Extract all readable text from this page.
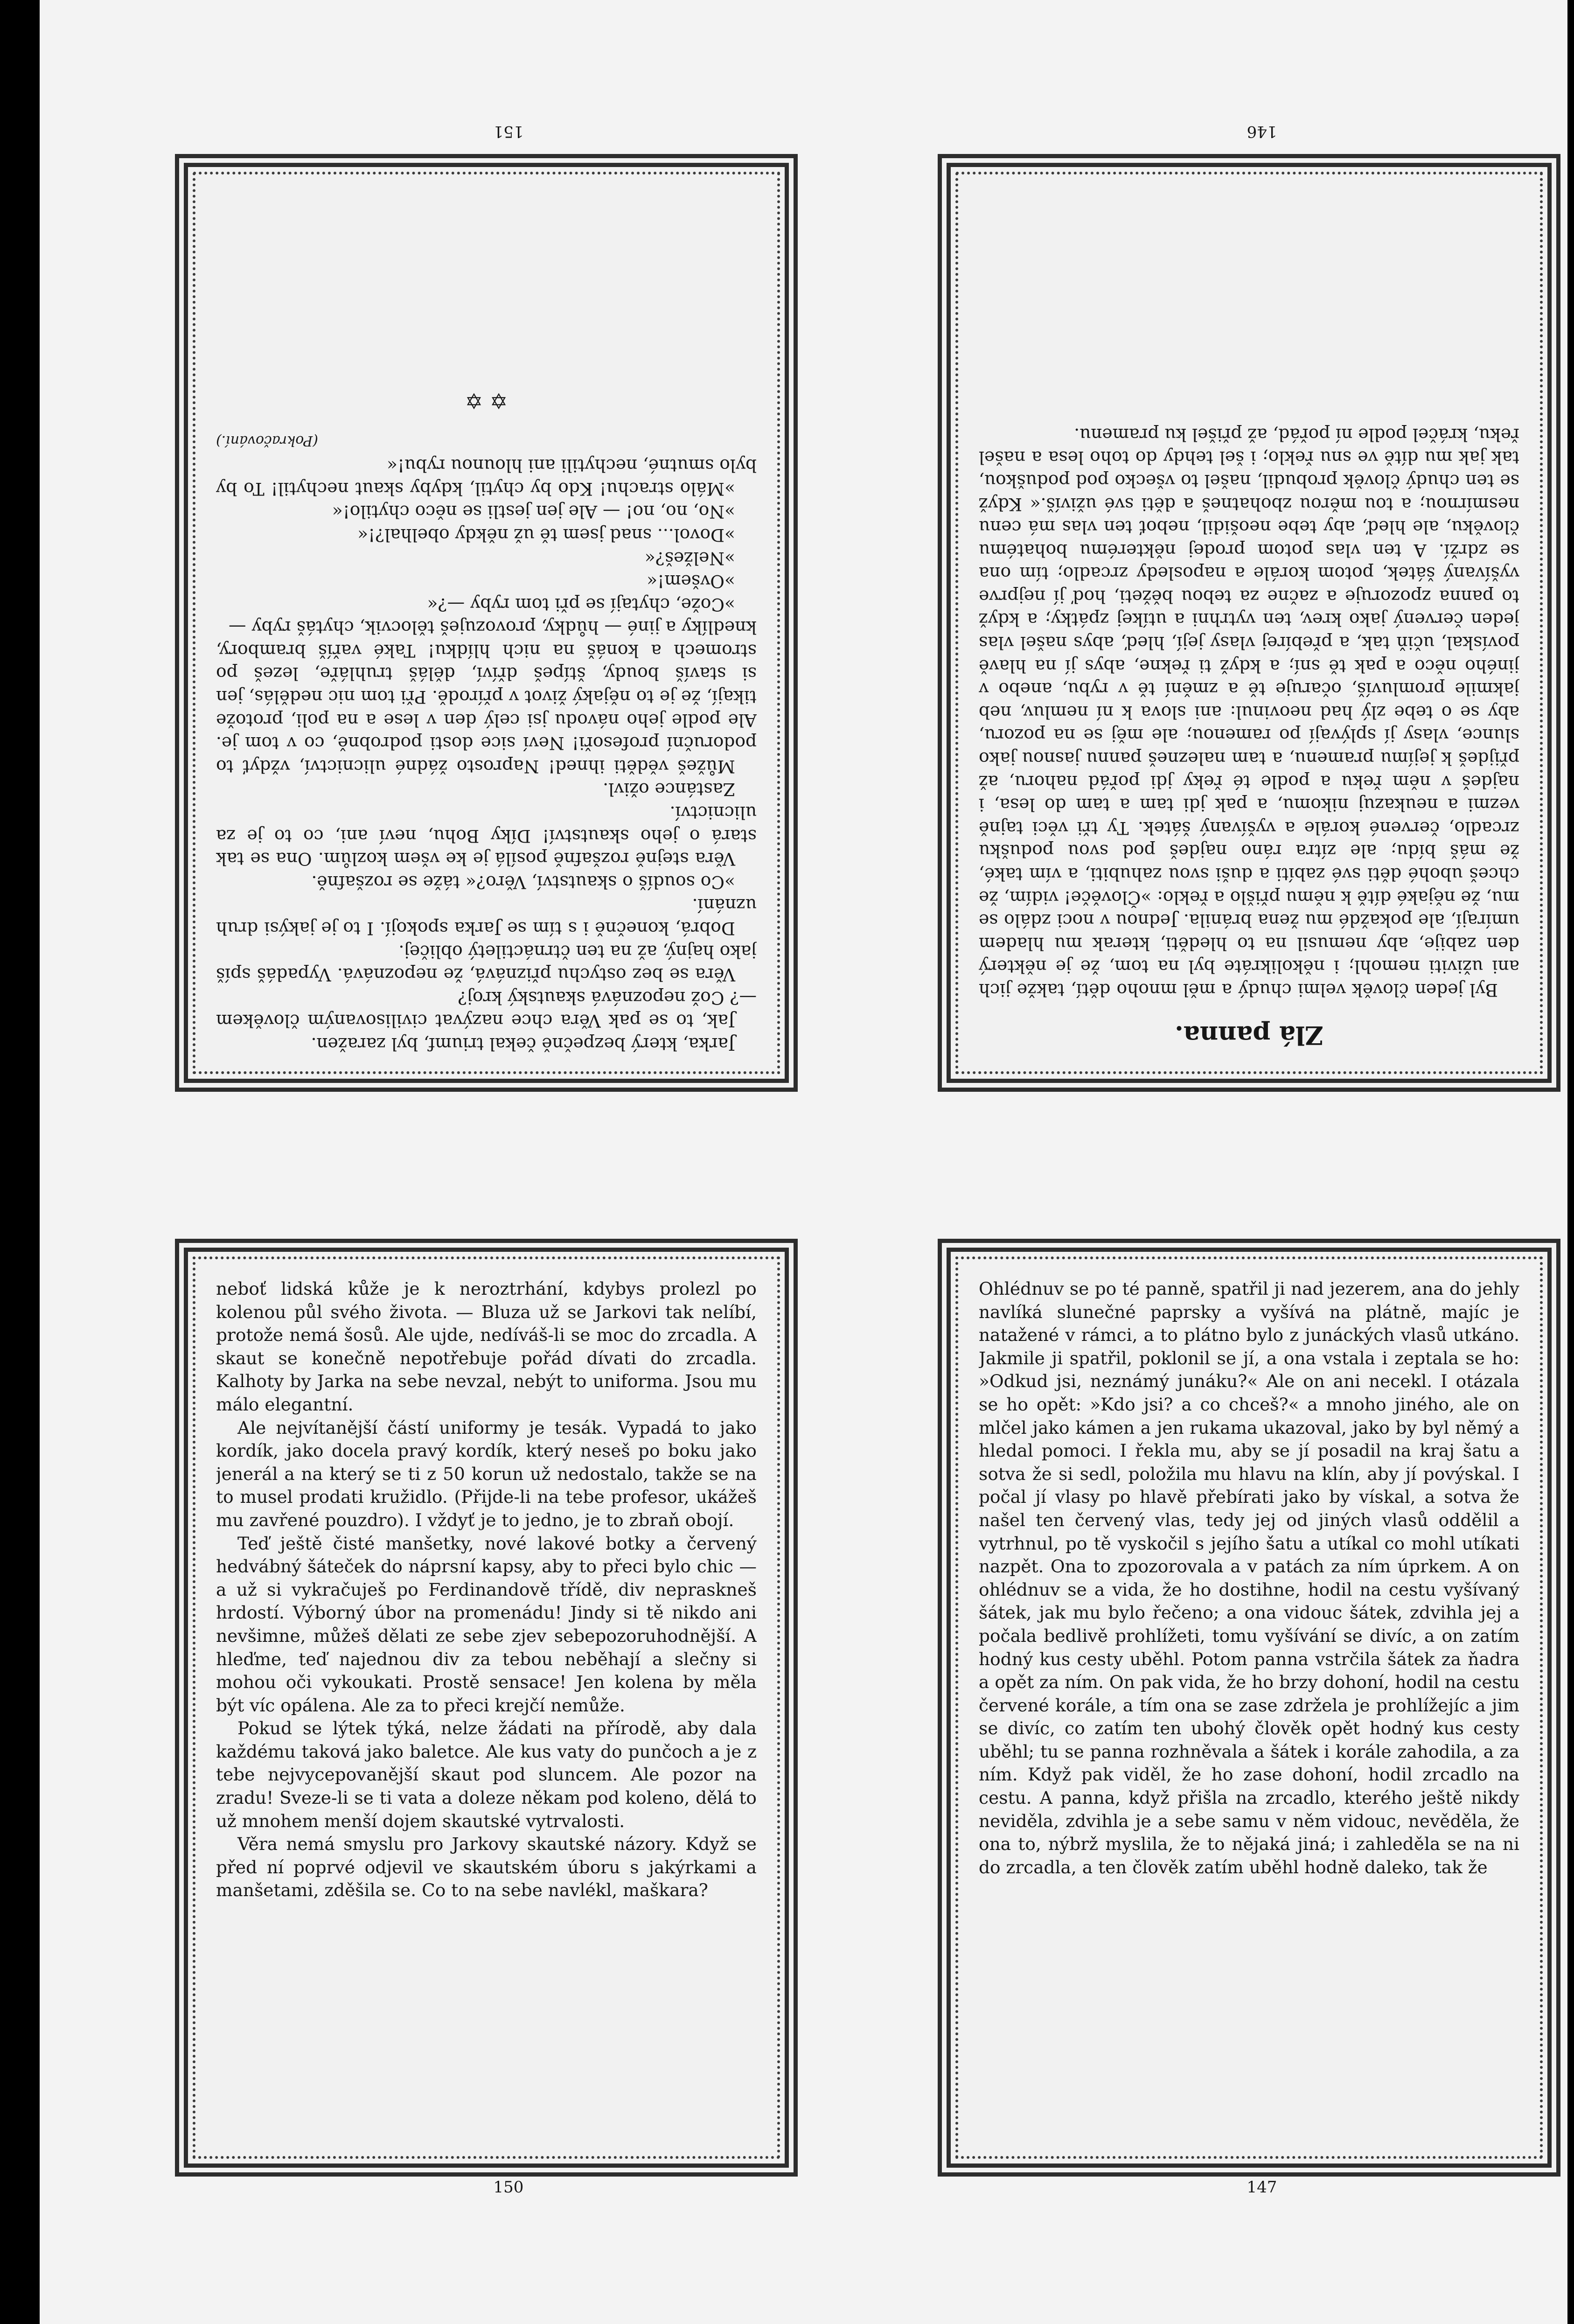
151

Jarka, který bezpečně čekal triumf, byl zaražen.

Jak, to se pak Věra chce nazývat civilisovaným člověkem —? Což nepoznává skautský kroj?

Věra se bez ostychu přiznává, že nepoznává. Vypadáš spíš jako hajný, až na ten čtrnáctiletý obličej.

Dobrá, konečně i s tím se Jarka spokojí. I to je jakýsi druh uznání.

»Co soudíš o skautství, Věro?« táže se rozšafně.

Věra stejně rozšafně posílá je ke všem kozlům. Ona se tak stará o jeho skautství! Díky Bohu, neví ani, co to je za ulicnictví.

Zastánce oživl.

Můžeš věděti ihned! Naprosto žádné ulicnictví, vždyť to podoruční profesoři! Neví sice dosti podrobně, co v tom je. Ale podle jeho návodu jsi celý den v lese a na poli, protože tikají, že je to nějaký život v přírodě. Při tom nic nedělás, jen si stavíš boudy, štípeš dříví, děláš truhláře, lezeš po stromech a konáš na nich hlídku! Také vaříš brambory, knedlíky a jiné — hůdky, provozuješ tělocvik, chytáš ryby —

»Cože, chytají se při tom ryby —?«

»Ovšem!«

»Nelžeš?«

»Dovol... snad jsem tě už někdy obelhal?!«

»No, no, no! — Ale jen jestli se něco chytilo!«

»Málo strachu! Kdo by chytil, kdyby skaut nechytil! To by bylo smutné, nechytili ani hlounou rybu!«

(Pokračování.)

✡ ✡

146

Zlá panna.

Byl jeden člověk velmi chudý a měl mnoho dětí, takže jich ani uživiti nemohl; i několikráte byl na tom, že je některý den zabije, aby nemusil na to hleděti, kterak mu hladem umírají, ale pokaždé mu žena bránila. Jednou v noci zdálo se mu, že nějaké dítě k němu přišlo a řeklo: »Člověče! vidím, že chceš ubohé děti své zabíti a duši svou zahubiti, a vím také, že máš bídu; ale zítra ráno najdeš pod svou podušku zrcadlo, červené korále a vyšívaný šátek. Ty tři věci tajně vezmi a neukazuj nikomu, a pak jdi tam a tam do lesa, i najdeš v něm řeku a podle té řeky jdi pořád nahoru, až přijdeš k jejímu pramenu, a tam nalezneš pannu jasnou jako slunce, vlasy jí splývají po ramenou; ale měj se na pozoru, aby se o tebe zlý had neovinul: ani slova k ní nemluv, neb jakmile promluvíš, očaruje tě a změní tě v rybu, anebo v jiného něco a pak tě sní; a když ti řekne, abys jí na hlavě povískal, učiň tak, a přebírej vlasy její, hleď, abys našel vlas jeden červený jako krev, ten vytrhni a utíkej zpátky; a když to panna zpozoruje a začne za tebou běžeti, hoď jí nejprve vyšívaný šátek, potom korále a naposledy zrcadlo; tím ona se zdrží. A ten vlas potom prodej některému bohatému člověku, ale hleď, aby tebe neošidil, neboť ten vlas má cenu nesmírnou; a tou měrou zbohatneš a děti své uživíš.« Když se ten chudý člověk probudil, našel to všecko pod poduškou, tak jak mu dítě ve snu řeklo; i šel tehdy do toho lesa a našel řeku, kráčel podle ní pořád, až přišel ku pramenu.

neboť lidská kůže je k neroztrhání, kdybys prolezl po kolenou půl svého života. — Bluza už se Jarkovi tak nelíbí, protože nemá šosů. Ale ujde, nedíváš-li se moc do zrcadla. A skaut se konečně nepotřebuje pořád dívati do zrcadla. Kalhoty by Jarka na sebe nevzal, nebýt to uniforma. Jsou mu málo elegantní.

Ale nejvítanější částí uniformy je tesák. Vypadá to jako kordík, jako docela pravý kordík, který neseš po boku jako jenerál a na který se ti z 50 korun už nedostalo, takže se na to musel prodati kružidlo. (Přijde-li na tebe profesor, ukážeš mu zavřené pouzdro). I vždyť je to jedno, je to zbraň obojí.

Teď ještě čisté manšetky, nové lakové botky a červený hedvábný šáteček do náprsní kapsy, aby to přeci bylo chic — a už si vykračuješ po Ferdinandově třídě, div nepraskneš hrdostí. Výborný úbor na promenádu! Jindy si tě nikdo ani nevšimne, můžeš dělati ze sebe zjev sebepozoruhodnější. A hleďme, teď najednou div za tebou neběhají a slečny si mohou oči vykoukati. Prostě sensace! Jen kolena by měla být víc opálena. Ale za to přeci krejčí nemůže.

Pokud se lýtek týká, nelze žádati na přírodě, aby dala každému taková jako baletce. Ale kus vaty do punčoch a je z tebe nejvycepovanější skaut pod sluncem. Ale pozor na zradu! Sveze-li se ti vata a doleze někam pod koleno, dělá to už mnohem menší dojem skautské vytrvalosti.

Věra nemá smyslu pro Jarkovy skautské názory. Když se před ní poprvé odjevil ve skautském úboru s jakýrkami a manšetami, zděšila se. Co to na sebe navlékl, maškara?

150

Ohlédnuv se po té panně, spatřil ji nad jezerem, ana do jehly navlíká slunečné paprsky a vyšívá na plátně, majíc je natažené v rámci, a to plátno bylo z junáckých vlasů utkáno. Jakmile ji spatřil, poklonil se jí, a ona vstala i zeptala se ho: »Odkud jsi, neznámý junáku?« Ale on ani necekl. I otázala se ho opět: »Kdo jsi? a co chceš?« a mnoho jiného, ale on mlčel jako kámen a jen rukama ukazoval, jako by byl němý a hledal pomoci. I řekla mu, aby se jí posadil na kraj šatu a sotva že si sedl, položila mu hlavu na klín, aby jí povýskal. I počal jí vlasy po hlavě přebírati jako by vískal, a sotva že našel ten červený vlas, tedy jej od jiných vlasů oddělil a vytrhnul, po tě vyskočil s jejího šatu a utíkal co mohl utíkati nazpět. Ona to zpozorovala a v patách za ním úprkem. A on ohlédnuv se a vida, že ho dostihne, hodil na cestu vyšívaný šátek, jak mu bylo řečeno; a ona vidouc šátek, zdvihla jej a počala bedlivě prohlížeti, tomu vyšívání se divíc, a on zatím hodný kus cesty uběhl. Potom panna vstrčila šátek za ňadra a opět za ním. On pak vida, že ho brzy dohoní, hodil na cestu červené korále, a tím ona se zase zdržela je prohlížejíc a jim se divíc, co zatím ten ubohý člověk opět hodný kus cesty uběhl; tu se panna rozhněvala a šátek i korále zahodila, a za ním. Když pak viděl, že ho zase dohoní, hodil zrcadlo na cestu. A panna, když přišla na zrcadlo, kterého ještě nikdy neviděla, zdvihla je a sebe samu v něm vidouc, nevěděla, že ona to, nýbrž myslila, že to nějaká jiná; i zahleděla se na ni do zrcadla, a ten člověk zatím uběhl hodně daleko, tak že

147
